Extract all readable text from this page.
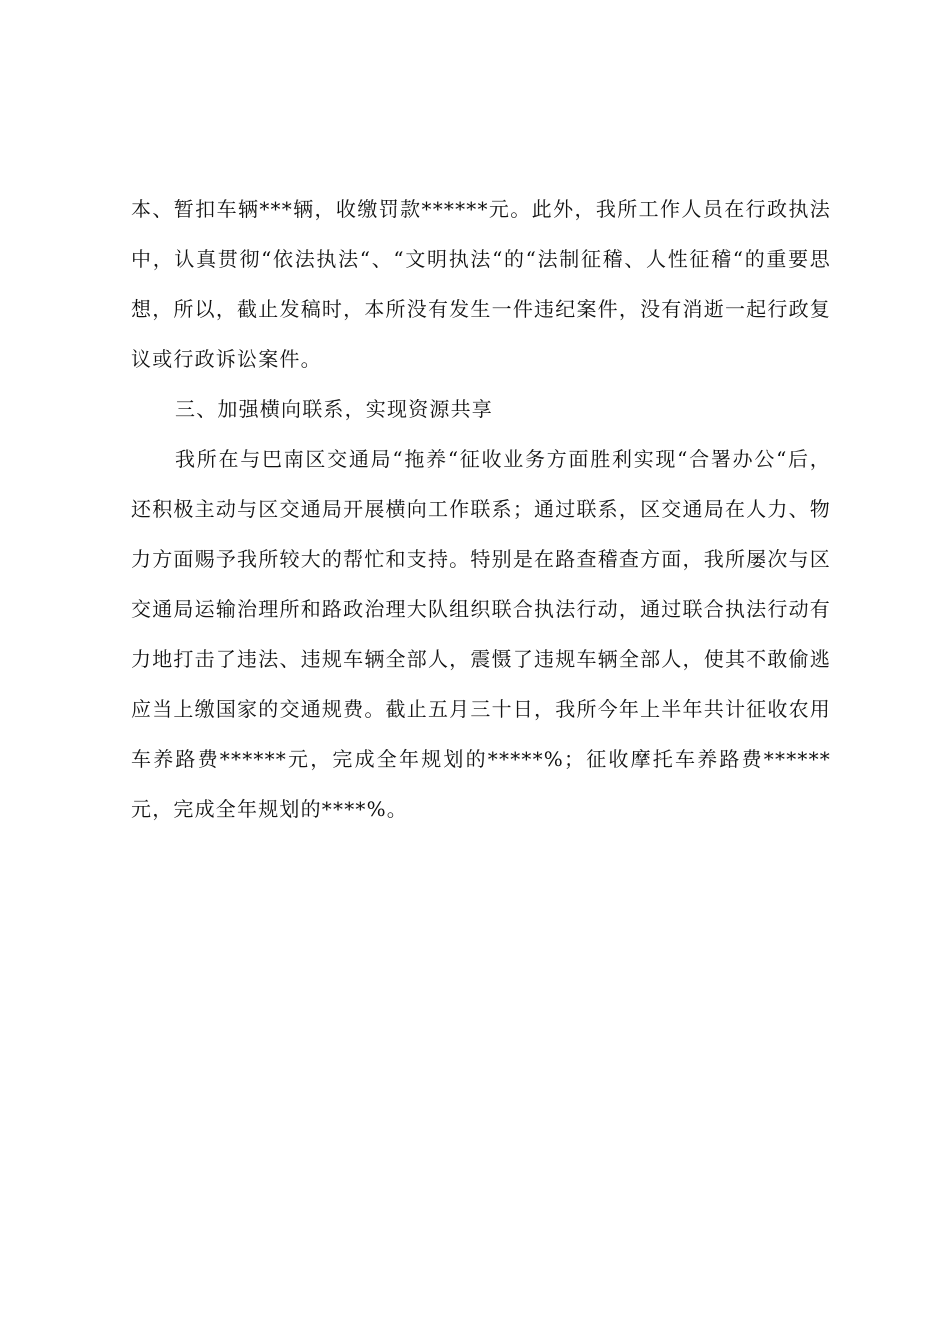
本、暂扣车辆***辆，收缴罚款******元。此外，我所工作人员在行政执法中，认真贯彻“依法执法“、“文明执法“的“法制征稽、人性征稽“的重要思想，所以，截止发稿时，本所没有发生一件违纪案件，没有消逝一起行政复议或行政诉讼案件。

三、加强横向联系，实现资源共享

我所在与巴南区交通局“拖养“征收业务方面胜利实现“合署办公“后，还积极主动与区交通局开展横向工作联系；通过联系，区交通局在人力、物力方面赐予我所较大的帮忙和支持。特别是在路查稽查方面，我所屡次与区交通局运输治理所和路政治理大队组织联合执法行动，通过联合执法行动有力地打击了违法、违规车辆全部人，震慑了违规车辆全部人，使其不敢偷逃应当上缴国家的交通规费。截止五月三十日，我所今年上半年共计征收农用车养路费******元，完成全年规划的*****%；征收摩托车养路费******元，完成全年规划的****%。
